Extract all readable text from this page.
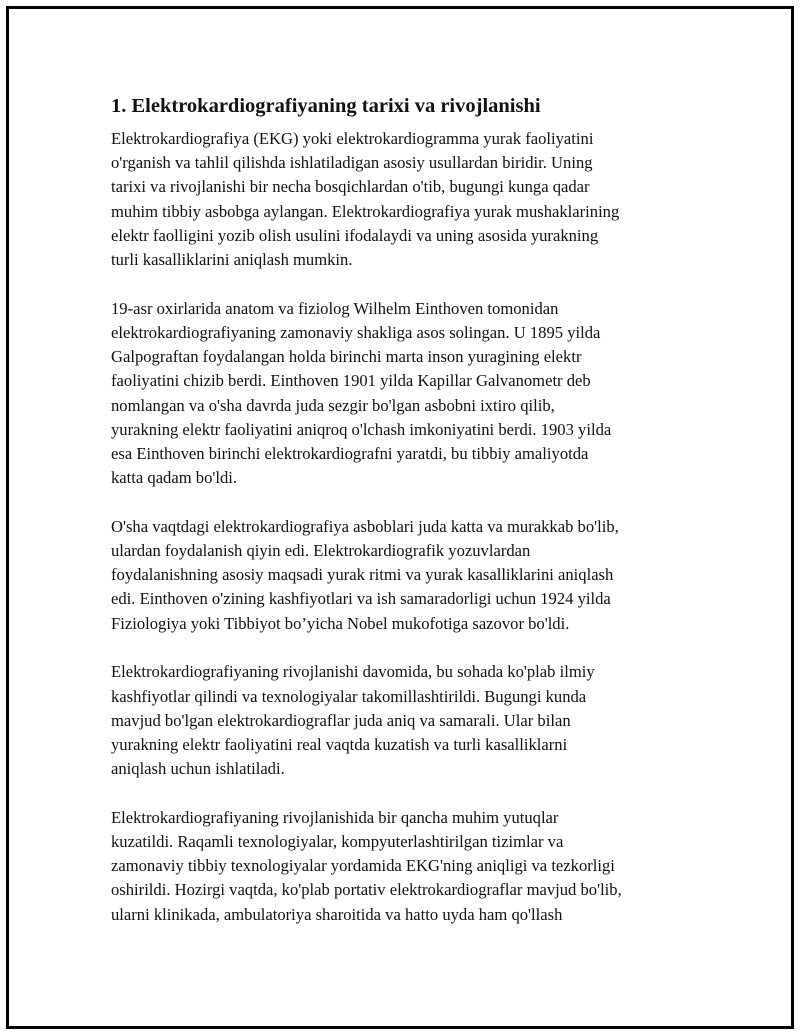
1. Elektrokardiografiyaning tarixi va rivojlanishi
Elektrokardiografiya (EKG) yoki elektrokardiogramma yurak faoliyatini
o'rganish va tahlil qilishda ishlatiladigan asosiy usullardan biridir. Uning
tarixi va rivojlanishi bir necha bosqichlardan o'tib, bugungi kunga qadar
muhim tibbiy asbobga aylangan. Elektrokardiografiya yurak mushaklarining
elektr faolligini yozib olish usulini ifodalaydi va uning asosida yurakning
turli kasalliklarini aniqlash mumkin.
19-asr oxirlarida anatom va fiziolog Wilhelm Einthoven tomonidan
elektrokardiografiyaning zamonaviy shakliga asos solingan. U 1895 yilda
Galpograftan foydalangan holda birinchi marta inson yuragining elektr
faoliyatini chizib berdi. Einthoven 1901 yilda Kapillar Galvanometr deb
nomlangan va o'sha davrda juda sezgir bo'lgan asbobni ixtiro qilib,
yurakning elektr faoliyatini aniqroq o'lchash imkoniyatini berdi. 1903 yilda
esa Einthoven birinchi elektrokardiografni yaratdi, bu tibbiy amaliyotda
katta qadam bo'ldi.
O'sha vaqtdagi elektrokardiografiya asboblari juda katta va murakkab bo'lib,
ulardan foydalanish qiyin edi. Elektrokardiografik yozuvlardan
foydalanishning asosiy maqsadi yurak ritmi va yurak kasalliklarini aniqlash
edi. Einthoven o'zining kashfiyotlari va ish samaradorligi uchun 1924 yilda
Fiziologiya yoki Tibbiyot bo’yicha Nobel mukofotiga sazovor bo'ldi.
Elektrokardiografiyaning rivojlanishi davomida, bu sohada ko'plab ilmiy
kashfiyotlar qilindi va texnologiyalar takomillashtirildi. Bugungi kunda
mavjud bo'lgan elektrokardiograflar juda aniq va samarali. Ular bilan
yurakning elektr faoliyatini real vaqtda kuzatish va turli kasalliklarni
aniqlash uchun ishlatiladi.
Elektrokardiografiyaning rivojlanishida bir qancha muhim yutuqlar
kuzatildi. Raqamli texnologiyalar, kompyuterlashtirilgan tizimlar va
zamonaviy tibbiy texnologiyalar yordamida EKG'ning aniqligi va tezkorligi
oshirildi. Hozirgi vaqtda, ko'plab portativ elektrokardiograflar mavjud bo'lib,
ularni klinikada, ambulatoriya sharoitida va hatto uyda ham qo'llash
